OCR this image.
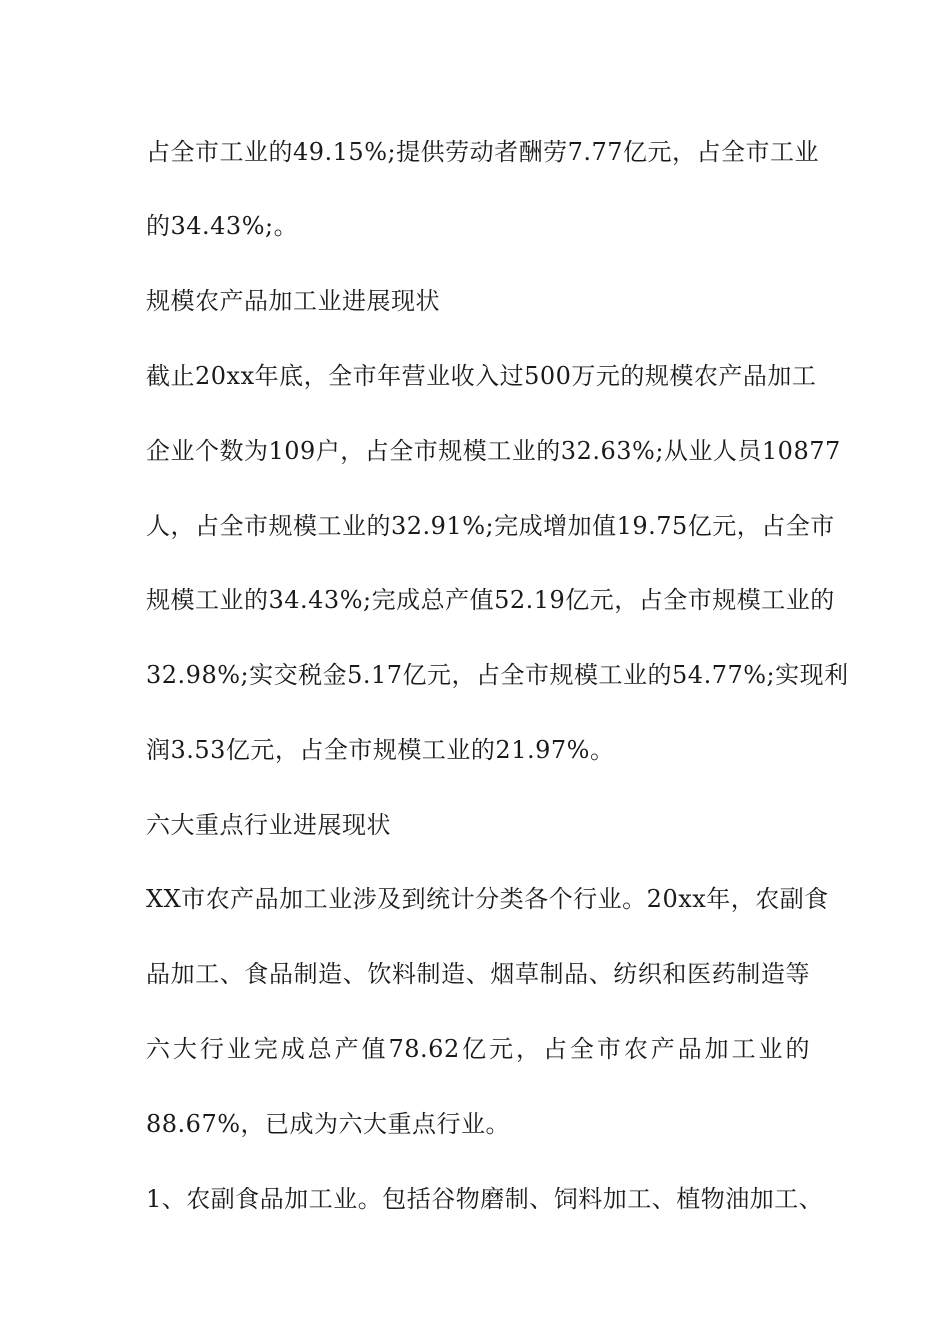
占全市工业的49.15%;提供劳动者酬劳7.77亿元，占全市工业
的34.43%;。
规模农产品加工业进展现状
截止20xx年底，全市年营业收入过500万元的规模农产品加工
企业个数为109户，占全市规模工业的32.63%;从业人员10877
人，占全市规模工业的32.91%;完成增加值19.75亿元，占全市
规模工业的34.43%;完成总产值52.19亿元，占全市规模工业的
32.98%;实交税金5.17亿元，占全市规模工业的54.77%;实现利
润3.53亿元，占全市规模工业的21.97%。
六大重点行业进展现状
XX市农产品加工业涉及到统计分类各个行业。20xx年，农副食
品加工、食品制造、饮料制造、烟草制品、纺织和医药制造等
六大行业完成总产值78.62亿元，占全市农产品加工业的
88.67%，已成为六大重点行业。
1、农副食品加工业。包括谷物磨制、饲料加工、植物油加工、
